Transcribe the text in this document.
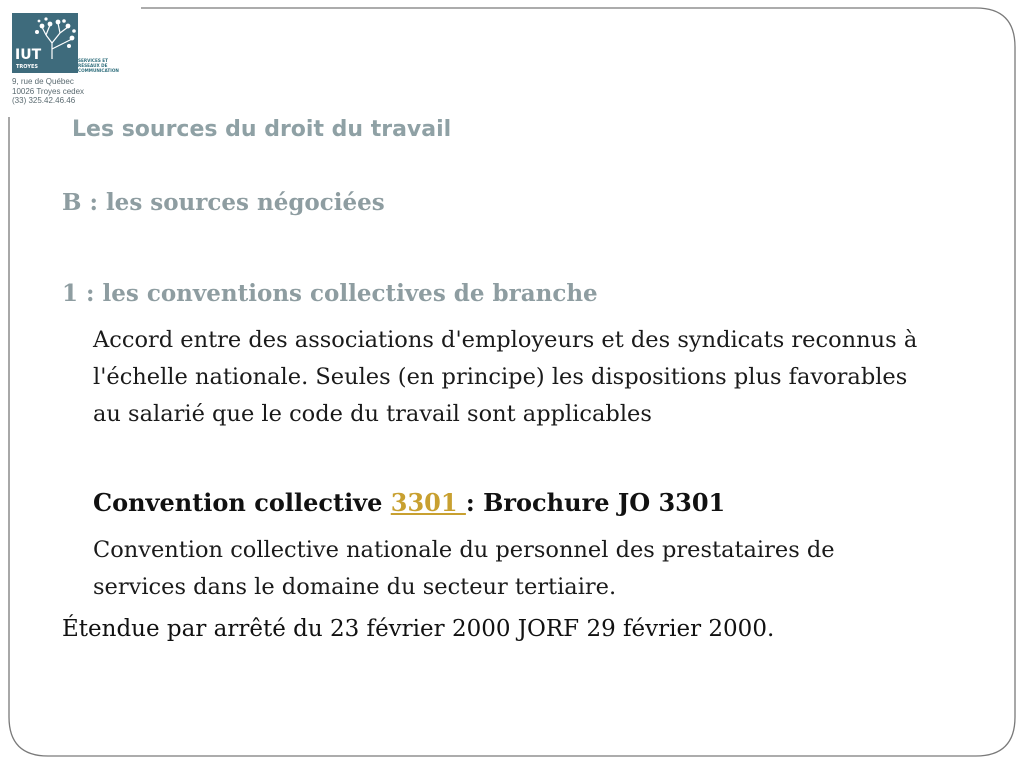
IUT
TROYES
SERVICES ET
RÉSEAUX DE
COMMUNICATION
9, rue de Québec
10026 Troyes cedex
(33) 325.42.46.46
Les sources du droit du travail

B : les sources négociées

1 : les conventions collectives de branche

Accord entre des associations d'employeurs et des syndicats reconnus à
l'échelle nationale. Seules (en principe) les dispositions plus favorables
au salarié que le code du travail sont applicables

Convention collective 3301 : Brochure JO 3301

Convention collective nationale du personnel des prestataires de
services dans le domaine du secteur tertiaire.

Étendue par arrêté du 23 février 2000 JORF 29 février 2000.
